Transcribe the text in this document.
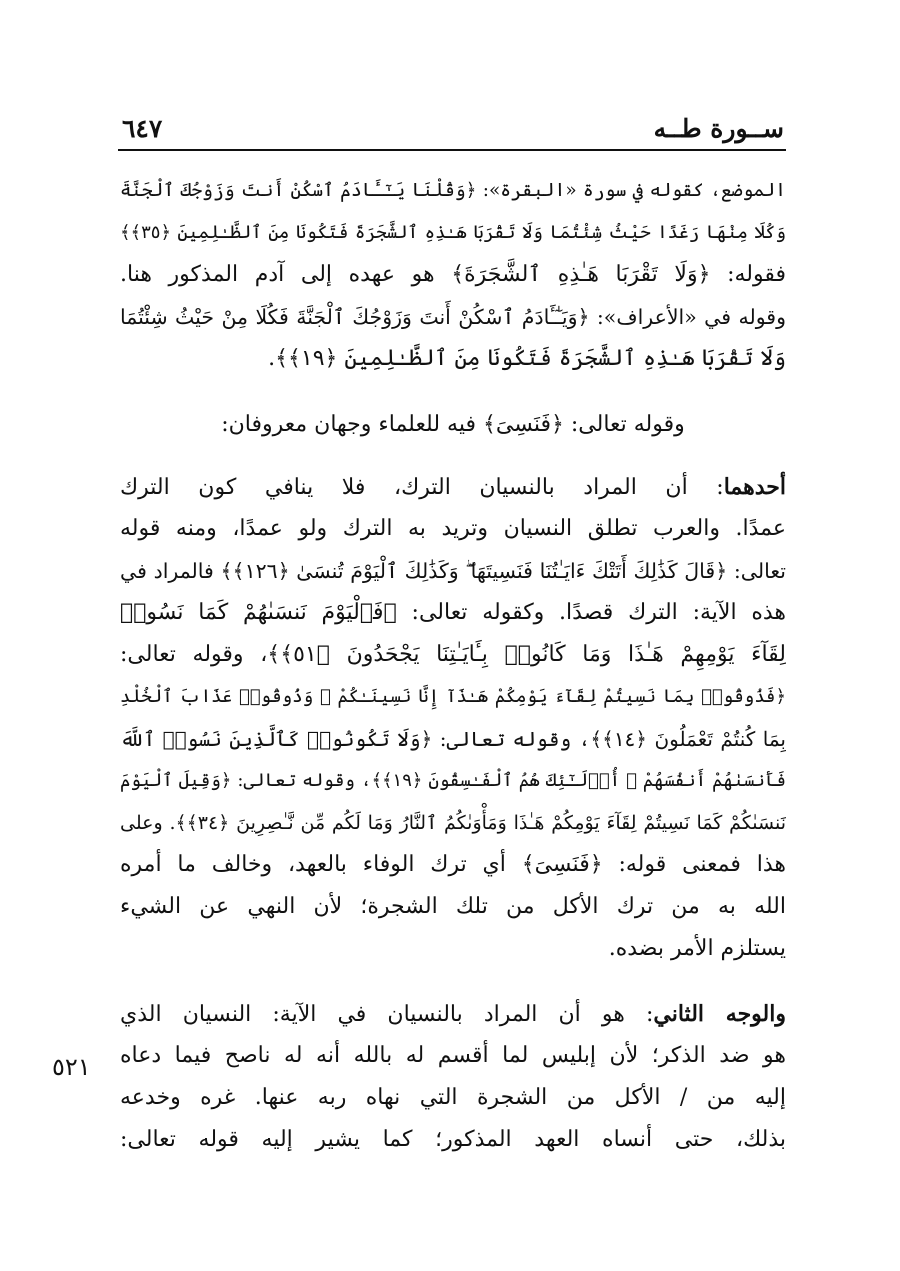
ســورة طــه
٦٤٧
٥٢١
الموضع، كقوله في سورة «البقرة»: ﴿وَقُلْنَا يَـٰٓـَٔادَمُ ٱسْكُنْ أَنتَ وَزَوْجُكَ ٱلْجَنَّةَ
وَكُلَا مِنْهَا رَغَدًا حَيْثُ شِئْتُمَا وَلَا تَقْرَبَا هَـٰذِهِ ٱلشَّجَرَةَ فَتَكُونَا مِنَ ٱلظَّـٰلِمِينَ ﴿٣٥﴾﴾
فقوله: ﴿وَلَا تَقْرَبَا هَـٰذِهِ ٱلشَّجَرَةَ﴾ هو عهده إلى آدم المذكور هنا.
وقوله في «الأعراف»: ﴿وَيَـٰٓـَٔادَمُ ٱسْكُنْ أَنتَ وَزَوْجُكَ ٱلْجَنَّةَ فَكُلَا مِنْ حَيْثُ شِئْتُمَا
وَلَا تَقْرَبَا هَـٰذِهِ ٱلشَّجَرَةَ فَتَكُونَا مِنَ ٱلظَّـٰلِمِينَ ﴿١٩﴾﴾.
وقوله تعالى: ﴿فَنَسِىَ﴾ فيه للعلماء وجهان معروفان:
أحدهما: أن المراد بالنسيان الترك، فلا ينافي كون الترك
عمدًا. والعرب تطلق النسيان وتريد به الترك ولو عمدًا، ومنه قوله
تعالى: ﴿قَالَ كَذَٰلِكَ أَتَتْكَ ءَايَـٰتُنَا فَنَسِيتَهَا ۖ وَكَذَٰلِكَ ٱلْيَوْمَ تُنسَىٰ ﴿١٢٦﴾﴾ فالمراد في
هذه الآية: الترك قصدًا. وكقوله تعالى: ﴿فَٱلْيَوْمَ نَنسَىٰهُمْ كَمَا نَسُوا۟
لِقَآءَ يَوْمِهِمْ هَـٰذَا وَمَا كَانُوا۟ بِـَٔايَـٰتِنَا يَجْحَدُونَ ﴿٥١﴾﴾، وقوله تعالى:
﴿فَذُوقُوا۟ بِمَا نَسِيتُمْ لِقَآءَ يَوْمِكُمْ هَـٰذَآ إِنَّا نَسِينَـٰكُمْ ۖ وَذُوقُوا۟ عَذَابَ ٱلْخُلْدِ
بِمَا كُنتُمْ تَعْمَلُونَ ﴿١٤﴾﴾، وقوله تعالى: ﴿وَلَا تَكُونُوا۟ كَٱلَّذِينَ نَسُوا۟ ٱللَّهَ
فَأَنسَىٰهُمْ أَنفُسَهُمْ ۚ أُو۟لَـٰٓئِكَ هُمُ ٱلْفَـٰسِقُونَ ﴿١٩﴾﴾، وقوله تعالى: ﴿وَقِيلَ ٱلْيَوْمَ
نَنسَىٰكُمْ كَمَا نَسِيتُمْ لِقَآءَ يَوْمِكُمْ هَـٰذَا وَمَأْوَىٰكُمُ ٱلنَّارُ وَمَا لَكُم مِّن نَّـٰصِرِينَ ﴿٣٤﴾﴾. وعلى
هذا فمعنى قوله: ﴿فَنَسِىَ﴾ أي ترك الوفاء بالعهد، وخالف ما أمره
الله به من ترك الأكل من تلك الشجرة؛ لأن النهي عن الشيء
يستلزم الأمر بضده.
والوجه الثاني: هو أن المراد بالنسيان في الآية: النسيان الذي
هو ضد الذكر؛ لأن إبليس لما أقسم له بالله أنه له ناصح فيما دعاه
إليه من / الأكل من الشجرة التي نهاه ربه عنها. غره وخدعه
بذلك، حتى أنساه العهد المذكور؛ كما يشير إليه قوله تعالى:
